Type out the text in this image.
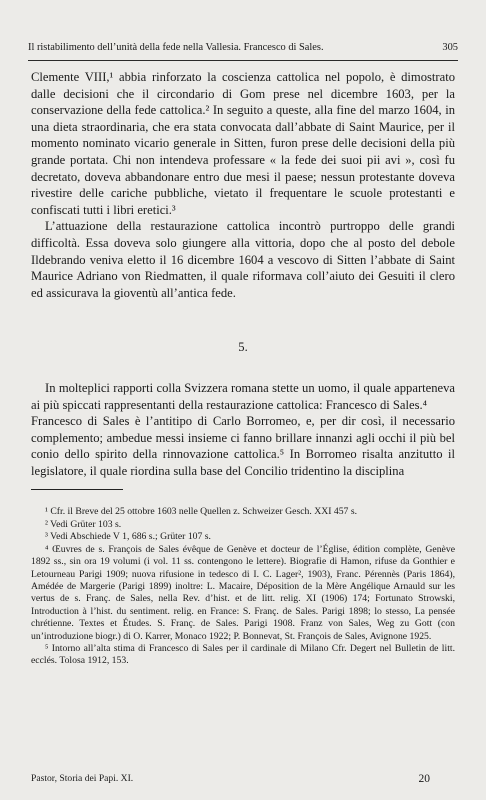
Il ristabilimento dell’unità della fede nella Vallesia. Francesco di Sales.	305

Clemente VIII,¹ abbia rinforzato la coscienza cattolica nel popolo, è dimostrato dalle decisioni che il circondario di Gom prese nel dicembre 1603, per la conservazione della fede cattolica.² In seguito a queste, alla fine del marzo 1604, in una dieta straordinaria, che era stata convocata dall’abbate di Saint Maurice, per il momento nominato vicario generale in Sitten, furon prese delle decisioni della più grande portata. Chi non intendeva professare « la fede dei suoi pii avi », così fu decretato, doveva abbandonare entro due mesi il paese; nessun protestante doveva rivestire delle cariche pubbliche, vietato il frequentare le scuole protestanti e confiscati tutti i libri eretici.³

L’attuazione della restaurazione cattolica incontrò purtroppo delle grandi difficoltà. Essa doveva solo giungere alla vittoria, dopo che al posto del debole Ildebrando veniva eletto il 16 dicembre 1604 a vescovo di Sitten l’abbate di Saint Maurice Adriano von Riedmatten, il quale riformava coll’aiuto dei Gesuiti il clero ed assicurava la gioventù all’antica fede.

5.

In molteplici rapporti colla Svizzera romana stette un uomo, il quale apparteneva ai più spiccati rappresentanti della restaurazione cattolica: Francesco di Sales.⁴

Francesco di Sales è l’antitipo di Carlo Borromeo, e, per dir così, il necessario complemento; ambedue messi insieme ci fanno brillare innanzi agli occhi il più bel conio dello spirito della rinnovazione cattolica.⁵ In Borromeo risalta anzitutto il legislatore, il quale riordina sulla base del Concilio tridentino la disciplina

¹ Cfr. il Breve del 25 ottobre 1603 nelle Quellen z. Schweizer Gesch. XXI 457 s.

² Vedi Grüter 103 s.

³ Vedi Abschiede V 1, 686 s.; Grüter 107 s.

⁴ Œuvres de s. François de Sales évêque de Genève et docteur de l’Église, édition complète, Genève 1892 ss., sin ora 19 volumi (i vol. 11 ss. contengono le lettere). Biografie di Hamon, rifuse da Gonthier e Letourneau Parigi 1909; nuova rifusione in tedesco di I. C. Lager², 1903), Franc. Pérennès (Paris 1864), Amédée de Margerie (Parigi 1899) inoltre: L. Macaire, Déposition de la Mère Angélique Arnauld sur les vertus de s. Franç. de Sales, nella Rev. d’hist. et de litt. relig. XI (1906) 174; Fortunato Strowski, Introduction à l’hist. du sentiment. relig. en France: S. Franç. de Sales. Parigi 1898; lo stesso, La pensée chrétienne. Textes et Études. S. Franç. de Sales. Parigi 1908. Franz von Sales, Weg zu Gott (con un’introduzione biogr.) di O. Karrer, Monaco 1922; P. Bonnevat, St. François de Sales, Avignone 1925.

⁵ Intorno all’alta stima di Francesco di Sales per il cardinale di Milano Cfr. Degert nel Bulletin de litt. ecclés. Tolosa 1912, 153.

Pastor, Storia dei Papi. XI.	20
